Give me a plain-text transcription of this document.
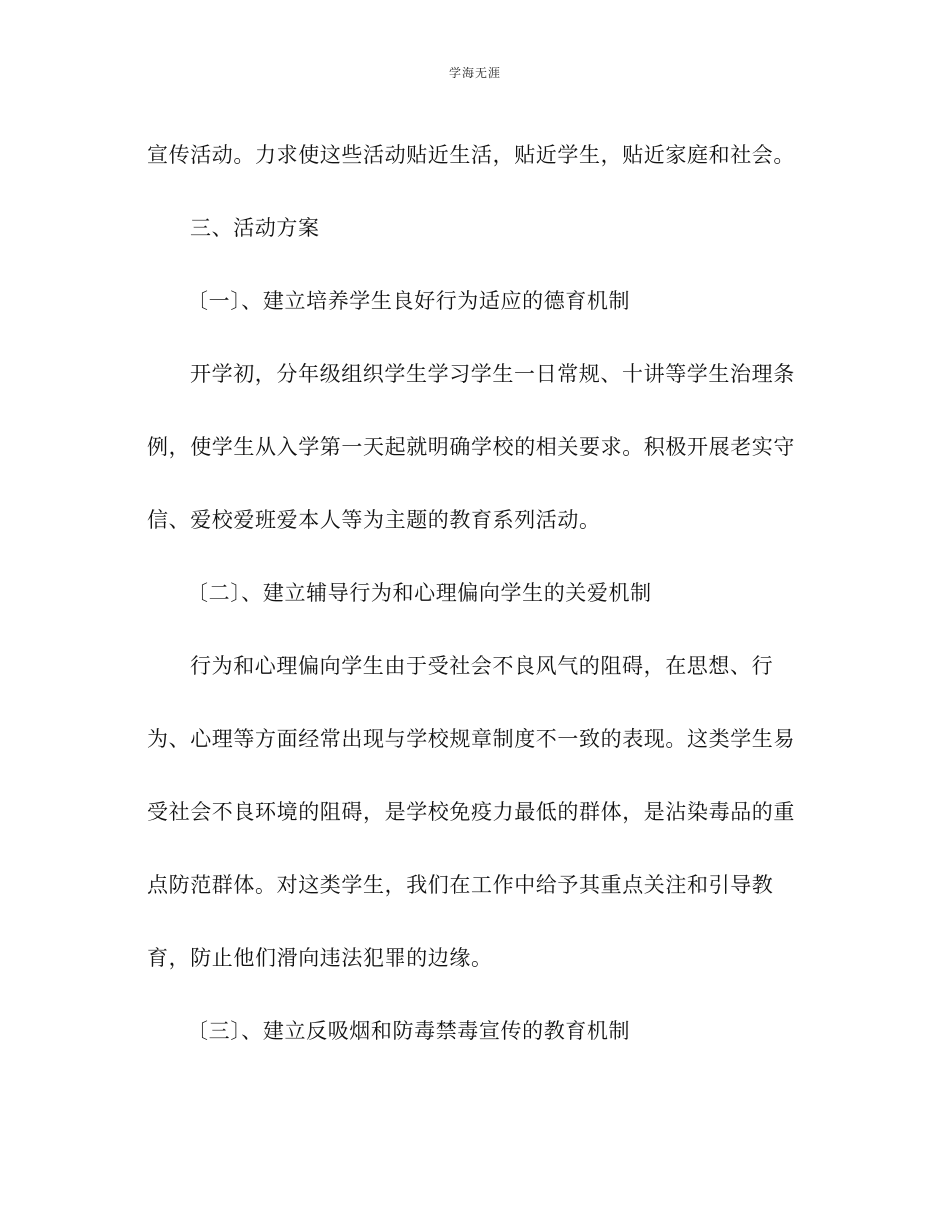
学海无涯
宣传活动。力求使这些活动贴近生活，贴近学生，贴近家庭和社会。
三、活动方案
〔一〕、建立培养学生良好行为适应的德育机制
开学初，分年级组织学生学习学生一日常规、十讲等学生治理条
例，使学生从入学第一天起就明确学校的相关要求。积极开展老实守
信、爱校爱班爱本人等为主题的教育系列活动。
〔二〕、建立辅导行为和心理偏向学生的关爱机制
行为和心理偏向学生由于受社会不良风气的阻碍，在思想、行
为、心理等方面经常出现与学校规章制度不一致的表现。这类学生易
受社会不良环境的阻碍，是学校免疫力最低的群体，是沾染毒品的重
点防范群体。对这类学生，我们在工作中给予其重点关注和引导教
育，防止他们滑向违法犯罪的边缘。
〔三〕、建立反吸烟和防毒禁毒宣传的教育机制
